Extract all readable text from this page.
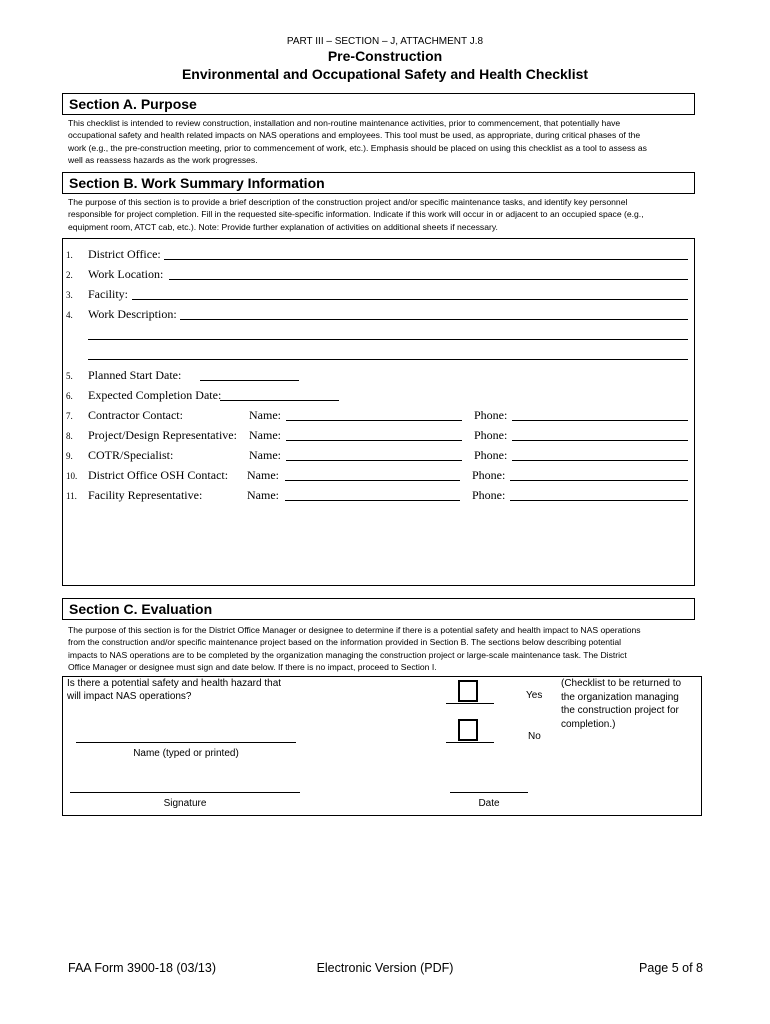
PART III – SECTION – J, ATTACHMENT J.8
Pre-Construction
Environmental and Occupational Safety and Health Checklist
Section A. Purpose
This checklist is intended to review construction, installation and non-routine maintenance activities, prior to commencement, that potentially have
occupational safety and health related impacts on NAS operations and employees. This tool must be used, as appropriate, during critical phases of the
work (e.g., the pre-construction meeting, prior to commencement of work, etc.). Emphasis should be placed on using this checklist as a tool to assess as
well as reassess hazards as the work progresses.
Section B. Work Summary Information
The purpose of this section is to provide a brief description of the construction project and/or specific maintenance tasks, and identify key personnel
responsible for project completion. Fill in the requested site-specific information. Indicate if this work will occur in or adjacent to an occupied space (e.g.,
equipment room, ATCT cab, etc.). Note: Provide further explanation of activities on additional sheets if necessary.
1. District Office:
2. Work Location:
3. Facility:
4. Work Description:
5. Planned Start Date:
6. Expected Completion Date:
7. Contractor Contact:	Name:	Phone:
8. Project/Design Representative: Name:	Phone:
9. COTR/Specialist:	Name:	Phone:
10. District Office OSH Contact: Name:	Phone:
11. Facility Representative:	Name:	Phone:
Section C. Evaluation
The purpose of this section is for the District Office Manager or designee to determine if there is a potential safety and health impact to NAS operations
from the construction and/or specific maintenance project based on the information provided in Section B. The sections below describing potential
impacts to NAS operations are to be completed by the organization managing the construction project or large-scale maintenance task. The District
Office Manager or designee must sign and date below. If there is no impact, proceed to Section I.
Is there a potential safety and health hazard that
will impact NAS operations?	Yes
No
(Checklist to be returned to
the organization managing
the construction project for
completion.)
Name (typed or printed)
Signature	Date
FAA Form 3900-18 (03/13)	Electronic Version (PDF)	Page 5 of 8
